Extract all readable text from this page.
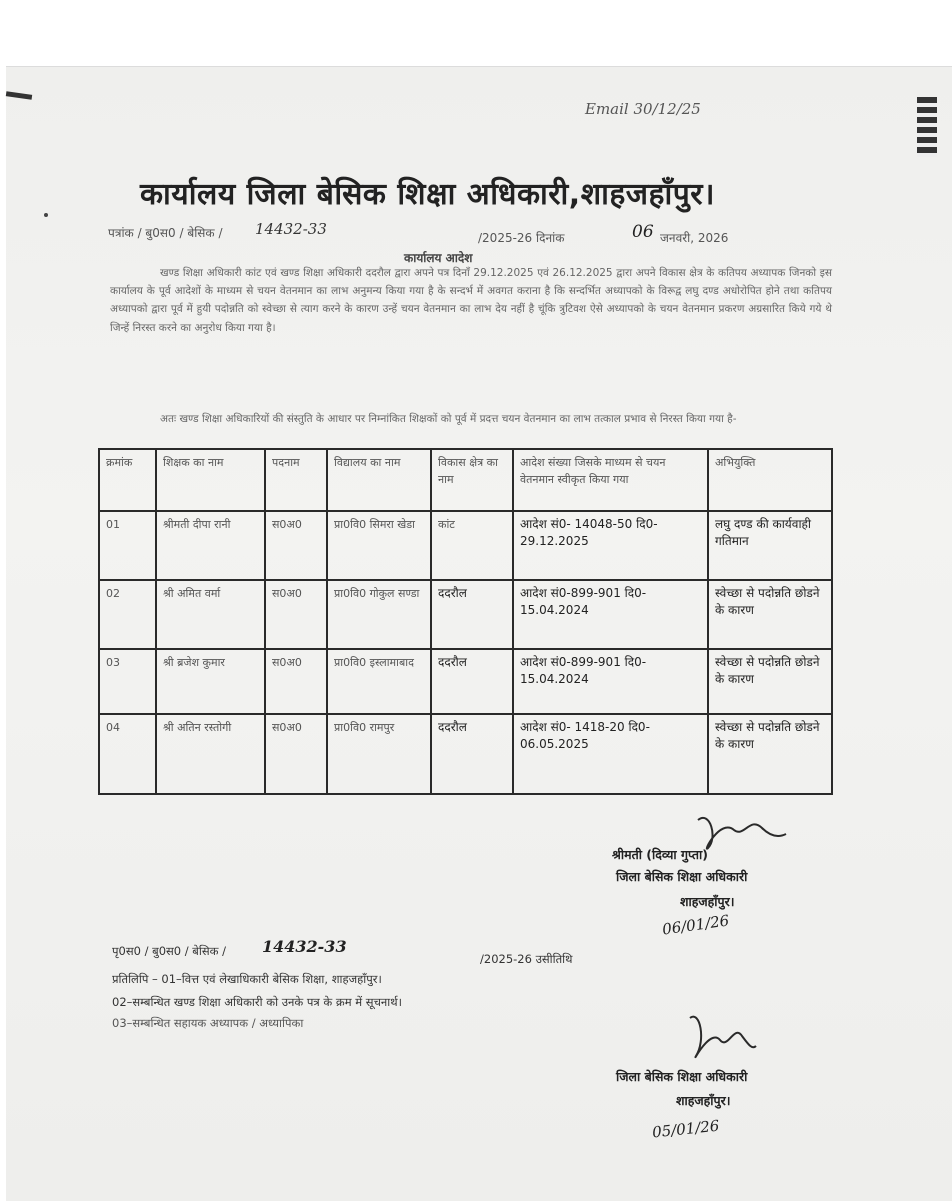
Email 30/12/25
कार्यालय जिला बेसिक शिक्षा अधिकारी,शाहजहाँपुर।
पत्रांक / बु0स0 / बेसिक / 14432-33	/2025-26 दिनांक	06 जनवरी, 2026
कार्यालय आदेश
खण्ड शिक्षा अधिकारी कांट एवं खण्ड शिक्षा अधिकारी ददरौल द्वारा अपने पत्र दिनाँ 29.12.2025 एवं 26.12.2025 द्वारा अपने विकास क्षेत्र के कतिपय अध्यापक जिनको इस कार्यालय के पूर्व आदेशों के माध्यम से चयन वेतनमान का लाभ अनुमन्य किया गया है के सन्दर्भ में अवगत कराना है कि सन्दर्भित अध्यापको के विरूद्व लघु दण्ड अधोरोपित होने तथा कतिपय अध्यापको द्वारा पूर्व में हुयी पदोन्नति को स्वेच्छा से त्याग करने के कारण उन्हें चयन वेतनमान का लाभ देय नहीं है चूंकि त्रुटिवश ऐसे अध्यापको के चयन वेतनमान प्रकरण अग्रसारित किये गये थे जिन्हें निरस्त करने का अनुरोध किया गया है।
अतः खण्ड शिक्षा अधिकारियों की संस्तुति के आधार पर निम्नांकित शिक्षकों को पूर्व में प्रदत्त चयन वेतनमान का लाभ तत्काल प्रभाव से निरस्त किया गया है-
क्रमांक	शिक्षक का नाम	पदनाम	विद्यालय का नाम	विकास क्षेत्र का नाम	आदेश संख्या जिसके माध्यम से चयन वेतनमान स्वीकृत किया गया	अभियुक्ति
01	श्रीमती दीपा रानी	स0अ0	प्रा0वि0 सिमरा खेडा	कांट	आदेश सं0- 14048-50 दि0- 29.12.2025	लघु दण्ड की कार्यवाही गतिमान
02	श्री अमित वर्मा	स0अ0	प्रा0वि0 गोकुल सण्डा	ददरौल	आदेश सं0-899-901 दि0-15.04.2024	स्वेच्छा से पदोन्नति छोडने के कारण
03	श्री ब्रजेश कुमार	स0अ0	प्रा0वि0 इस्लामाबाद	ददरौल	आदेश सं0-899-901 दि0-15.04.2024	स्वेच्छा से पदोन्नति छोडने के कारण
04	श्री अतिन रस्तोगी	स0अ0	प्रा0वि0 रामपुर	ददरौल	आदेश सं0- 1418-20 दि0-06.05.2025	स्वेच्छा से पदोन्नति छोडने के कारण
श्रीमती (दिव्या गुप्ता)
जिला बेसिक शिक्षा अधिकारी
शाहजहाँपुर।
06/01/26
पृ0स0 / बु0स0 / बेसिक / 14432-33
/2025-26 उसीतिथि
प्रतिलिपि – 01–वित्त एवं लेखाधिकारी बेसिक शिक्षा, शाहजहाँपुर।
02–सम्बन्धित खण्ड शिक्षा अधिकारी को उनके पत्र के क्रम में सूचनार्थ।
03–सम्बन्धित सहायक अध्यापक / अध्यापिका
जिला बेसिक शिक्षा अधिकारी
शाहजहाँपुर।
05/01/26
